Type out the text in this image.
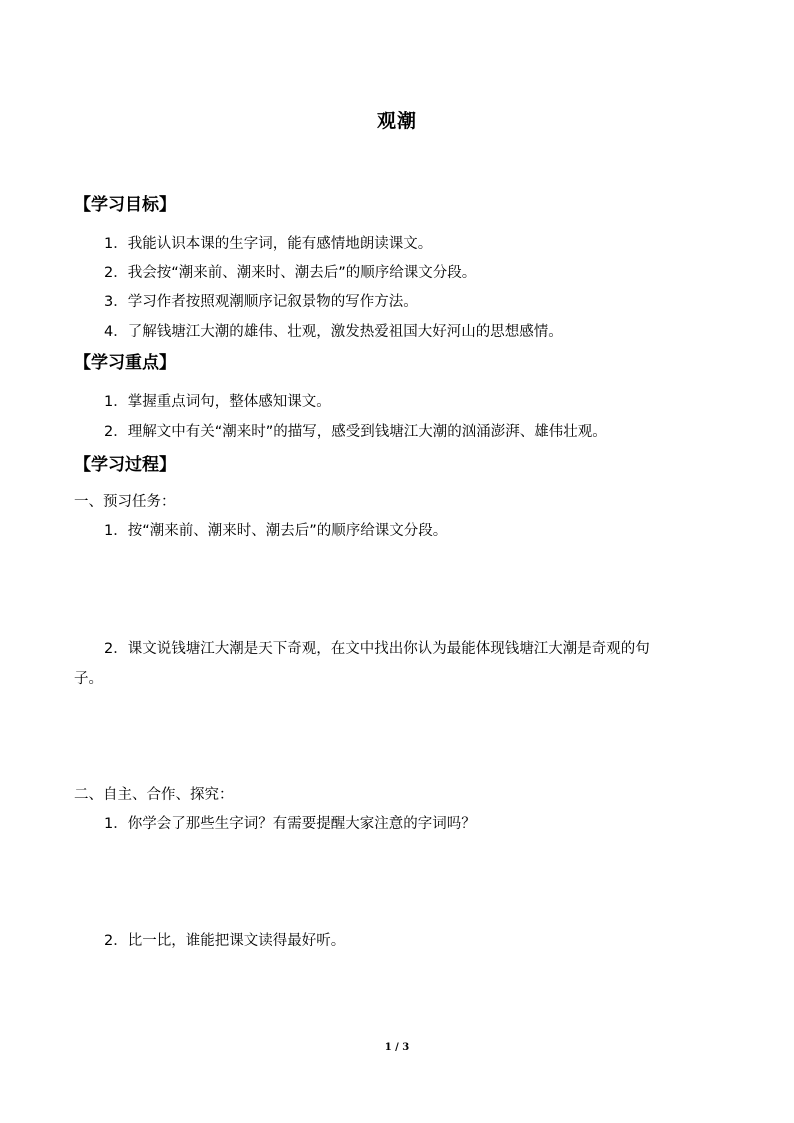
观潮
【学习目标】
1．我能认识本课的生字词，能有感情地朗读课文。
2．我会按“潮来前、潮来时、潮去后”的顺序给课文分段。
3．学习作者按照观潮顺序记叙景物的写作方法。
4．了解钱塘江大潮的雄伟、壮观，激发热爱祖国大好河山的思想感情。
【学习重点】
1．掌握重点词句，整体感知课文。
2．理解文中有关“潮来时”的描写，感受到钱塘江大潮的汹涌澎湃、雄伟壮观。
【学习过程】
一、预习任务：
1．按“潮来前、潮来时、潮去后”的顺序给课文分段。
2．课文说钱塘江大潮是天下奇观，在文中找出你认为最能体现钱塘江大潮是奇观的句
子。
二、自主、合作、探究：
1．你学会了那些生字词？有需要提醒大家注意的字词吗？
2．比一比，谁能把课文读得最好听。
1 / 3
